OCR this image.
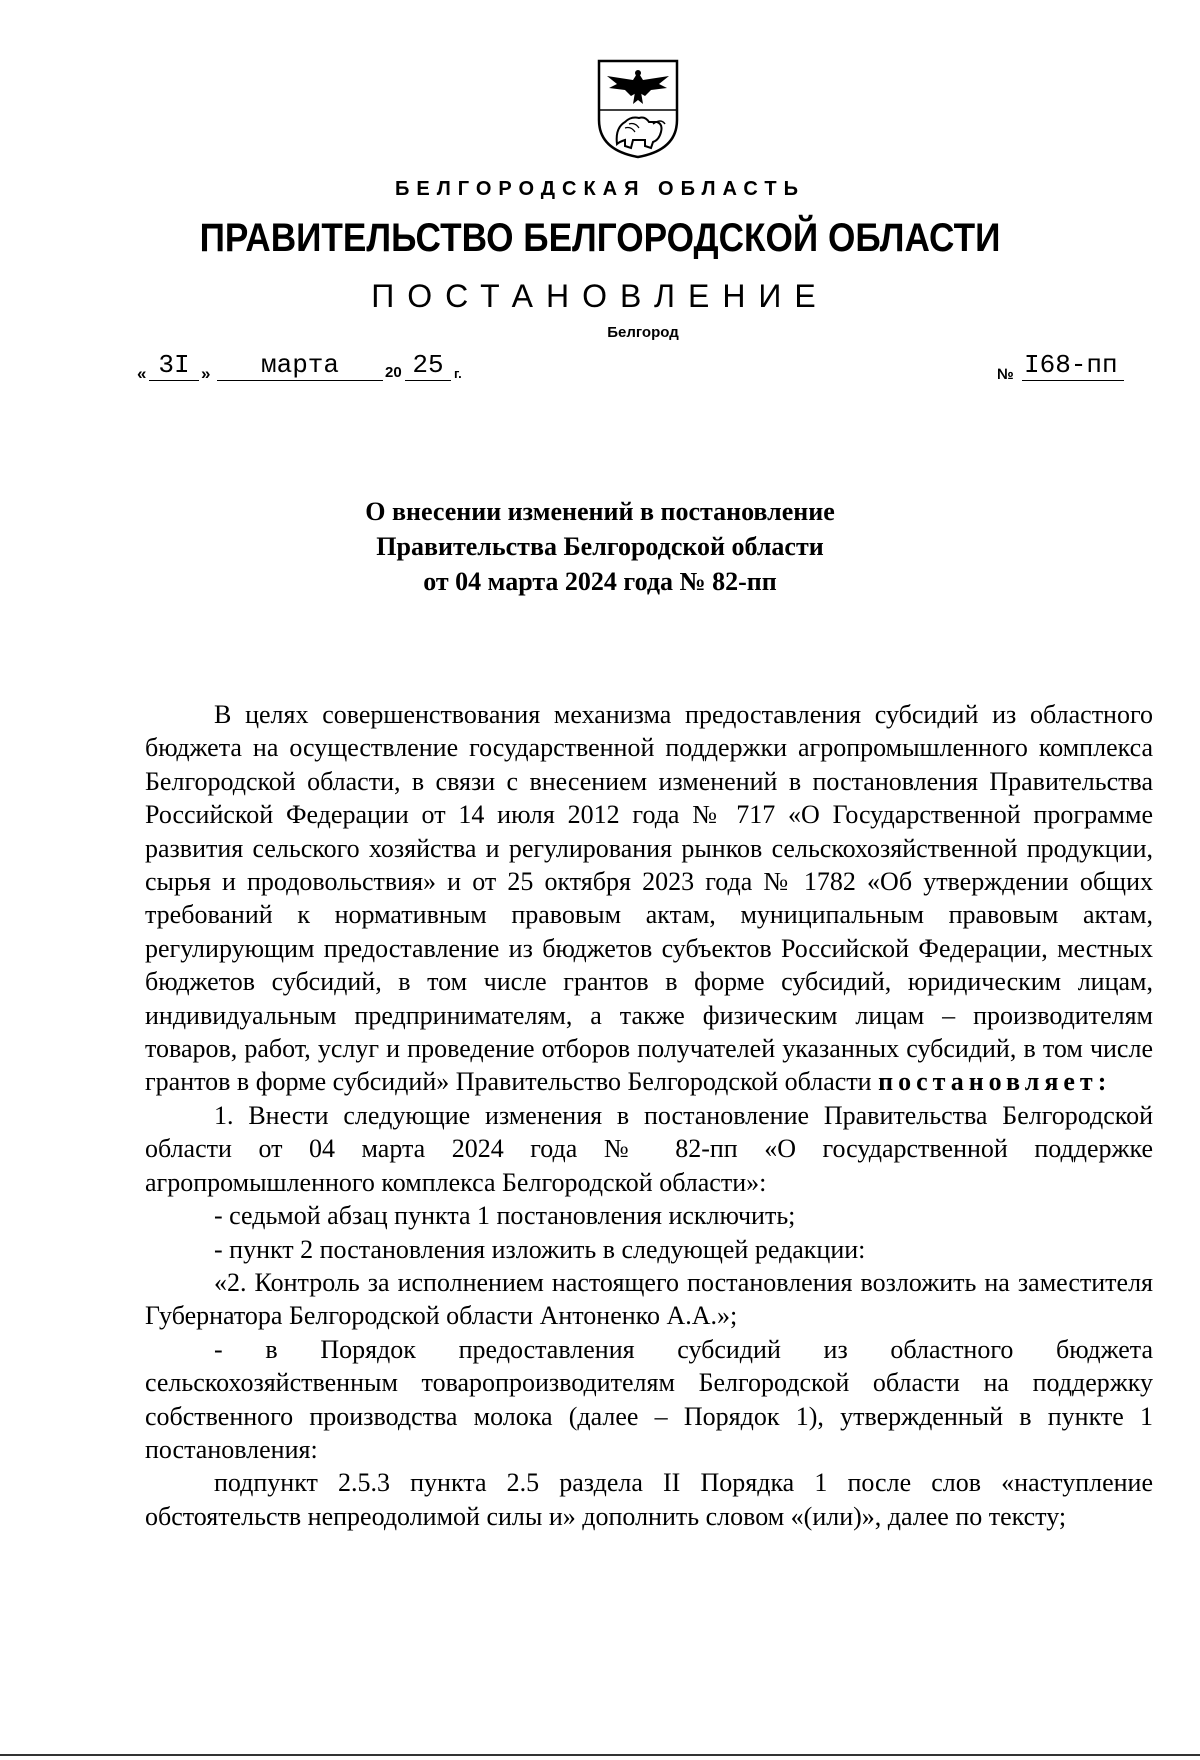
БЕЛГОРОДСКАЯ ОБЛАСТЬ
ПРАВИТЕЛЬСТВО БЕЛГОРОДСКОЙ ОБЛАСТИ
ПОСТАНОВЛЕНИЕ
Белгород
« 3I »	марта	20 25 г.	№ I68-пп
О внесении изменений в постановление
Правительства Белгородской области
от 04 марта 2024 года № 82-пп

В целях совершенствования механизма предоставления субсидий из областного бюджета на осуществление государственной поддержки агропромышленного комплекса Белгородской области, в связи с внесением изменений в постановления Правительства Российской Федерации от 14 июля 2012 года № 717 «О Государственной программе развития сельского хозяйства и регулирования рынков сельскохозяйственной продукции, сырья и продовольствия» и от 25 октября 2023 года № 1782 «Об утверждении общих требований к нормативным правовым актам, муниципальным правовым актам, регулирующим предоставление из бюджетов субъектов Российской Федерации, местных бюджетов субсидий, в том числе грантов в форме субсидий, юридическим лицам, индивидуальным предпринимателям, а также физическим лицам – производителям товаров, работ, услуг и проведение отборов получателей указанных субсидий, в том числе грантов в форме субсидий» Правительство Белгородской области постановляет:

1. Внести следующие изменения в постановление Правительства Белгородской области от 04 марта 2024 года № 82-пп «О государственной поддержке агропромышленного комплекса Белгородской области»:

- седьмой абзац пункта 1 постановления исключить;

- пункт 2 постановления изложить в следующей редакции:

«2. Контроль за исполнением настоящего постановления возложить на заместителя Губернатора Белгородской области Антоненко А.А.»;

- в Порядок предоставления субсидий из областного бюджета сельскохозяйственным товаропроизводителям Белгородской области на поддержку собственного производства молока (далее – Порядок 1), утвержденный в пункте 1 постановления:

подпункт 2.5.3 пункта 2.5 раздела II Порядка 1 после слов «наступление обстоятельств непреодолимой силы и» дополнить словом «(или)», далее по тексту;
